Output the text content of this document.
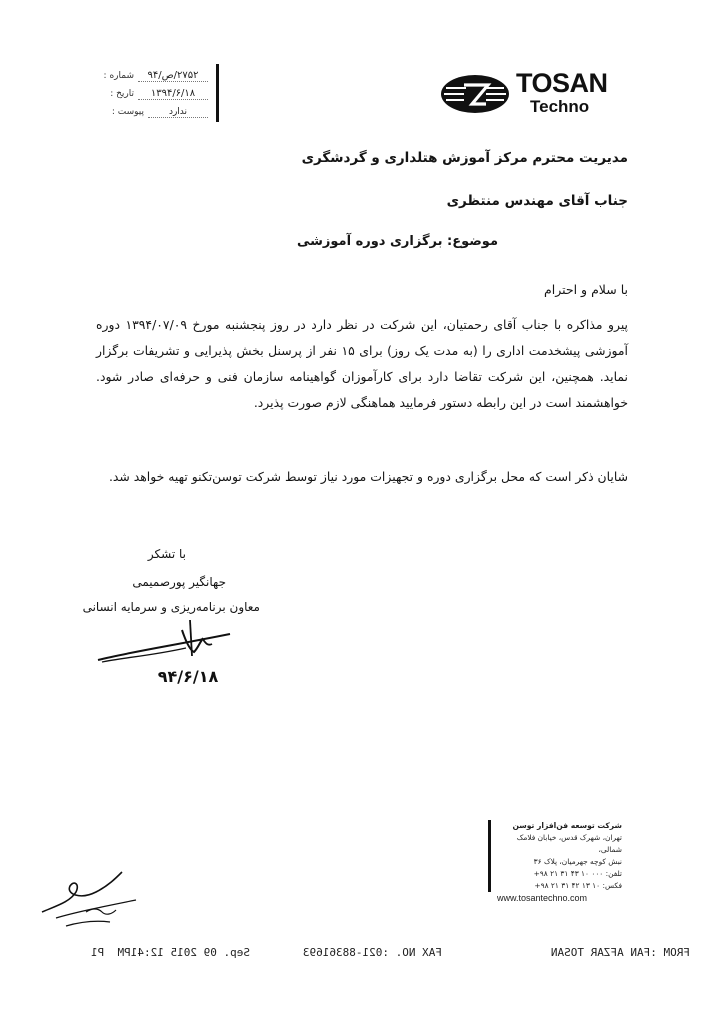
شماره :	۲۷۵۲/ص/۹۴
تاریخ :	۱۳۹۴/۶/۱۸
پیوست :	ندارد
TOSAN
Techno
مدیریت محترم مرکز آموزش هتلداری و گردشگری
جناب آقای مهندس منتظری
موضوع: برگزاری دوره آموزشی
با سلام و احترام
پیرو مذاکره با جناب آقای رحمتیان، این شرکت در نظر دارد در روز پنجشنبه مورخ ۱۳۹۴/۰۷/۰۹ دوره آموزشی پیشخدمت اداری را (به مدت یک روز) برای ۱۵ نفر از پرسنل بخش پذیرایی و تشریفات برگزار نماید. همچنین، این شرکت تقاضا دارد برای کارآموزان گواهینامه سازمان فنی و حرفه‌ای صادر شود. خواهشمند است در این رابطه دستور فرمایید هماهنگی لازم صورت پذیرد.
شایان ذکر است که محل برگزاری دوره و تجهیزات مورد نیاز توسط شرکت توسن‌تکنو تهیه خواهد شد.
با تشکر
جهانگیر پورصمیمی
معاون برنامه‌ریزی و سرمایه انسانی
۹۴/۶/۱۸
شرکت توسعه فن‌افزار توسن
تهران، شهرک قدس، خیابان فلامک شمالی،
نبش کوچه جهرمیان، پلاک ۳۶
تلفن: ۰۰۰ ۱۰ ۴۳ ۳۱ ۲۱ ۹۸+
فکس: ۱۰ ۱۳ ۴۲ ۳۱ ۲۱ ۹۸+
www.tosantechno.com
FROM :FAN AFZAR TOSAN
FAX NO. :021-88361693
Sep. 09 2015 12:41PM  P1
